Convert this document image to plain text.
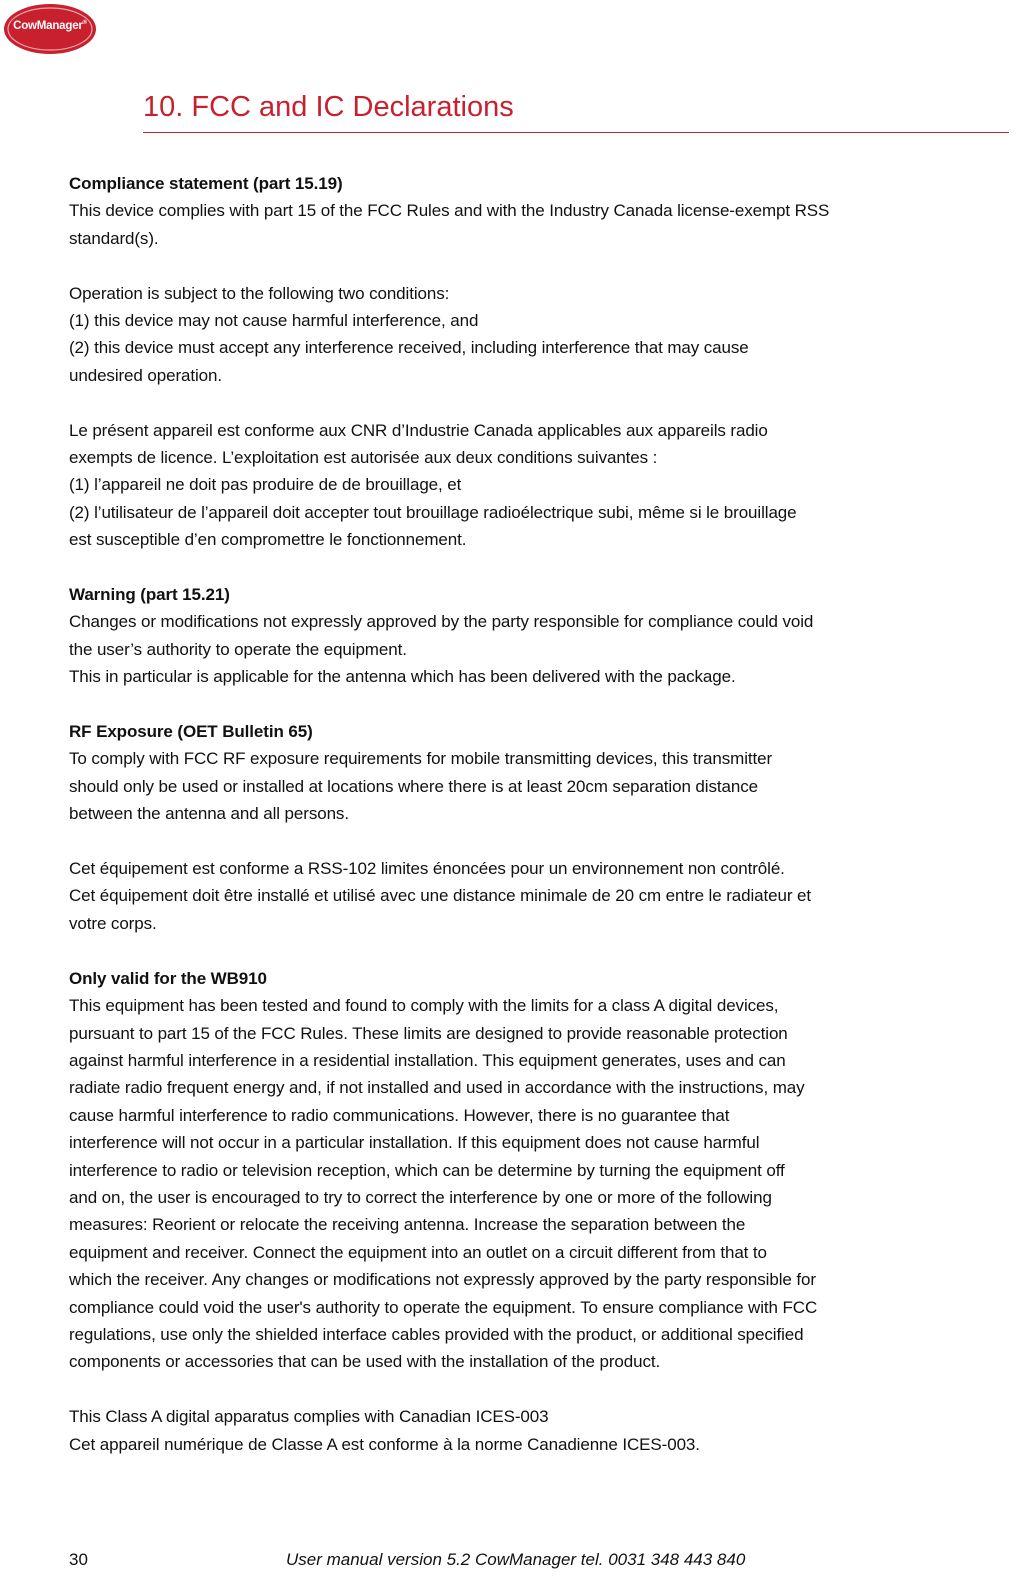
CowManager®
10. FCC and IC Declarations

Compliance statement (part 15.19)
This device complies with part 15 of the FCC Rules and with the Industry Canada license-exempt RSS
standard(s).

Operation is subject to the following two conditions:
(1) this device may not cause harmful interference, and
(2) this device must accept any interference received, including interference that may cause
undesired operation.

Le présent appareil est conforme aux CNR d’Industrie Canada applicables aux appareils radio
exempts de licence. L’exploitation est autorisée aux deux conditions suivantes :
(1) l’appareil ne doit pas produire de de brouillage, et
(2) l’utilisateur de l’appareil doit accepter tout brouillage radioélectrique subi, même si le brouillage
est susceptible d’en compromettre le fonctionnement.

Warning (part 15.21)
Changes or modifications not expressly approved by the party responsible for compliance could void
the user’s authority to operate the equipment.
This in particular is applicable for the antenna which has been delivered with the package.

RF Exposure (OET Bulletin 65)
To comply with FCC RF exposure requirements for mobile transmitting devices, this transmitter
should only be used or installed at locations where there is at least 20cm separation distance
between the antenna and all persons.

Cet équipement est conforme a RSS-102 limites énoncées pour un environnement non contrôlé.
Cet équipement doit être installé et utilisé avec une distance minimale de 20 cm entre le radiateur et
votre corps.

Only valid for the WB910
This equipment has been tested and found to comply with the limits for a class A digital devices,
pursuant to part 15 of the FCC Rules. These limits are designed to provide reasonable protection
against harmful interference in a residential installation. This equipment generates, uses and can
radiate radio frequent energy and, if not installed and used in accordance with the instructions, may
cause harmful interference to radio communications. However, there is no guarantee that
interference will not occur in a particular installation. If this equipment does not cause harmful
interference to radio or television reception, which can be determine by turning the equipment off
and on, the user is encouraged to try to correct the interference by one or more of the following
measures: Reorient or relocate the receiving antenna. Increase the separation between the
equipment and receiver. Connect the equipment into an outlet on a circuit different from that to
which the receiver. Any changes or modifications not expressly approved by the party responsible for
compliance could void the user's authority to operate the equipment. To ensure compliance with FCC
regulations, use only the shielded interface cables provided with the product, or additional specified
components or accessories that can be used with the installation of the product.

This Class A digital apparatus complies with Canadian ICES-003
Cet appareil numérique de Classe A est conforme à la norme Canadienne ICES-003.

30	User manual version 5.2 CowManager tel. 0031 348 443 840
